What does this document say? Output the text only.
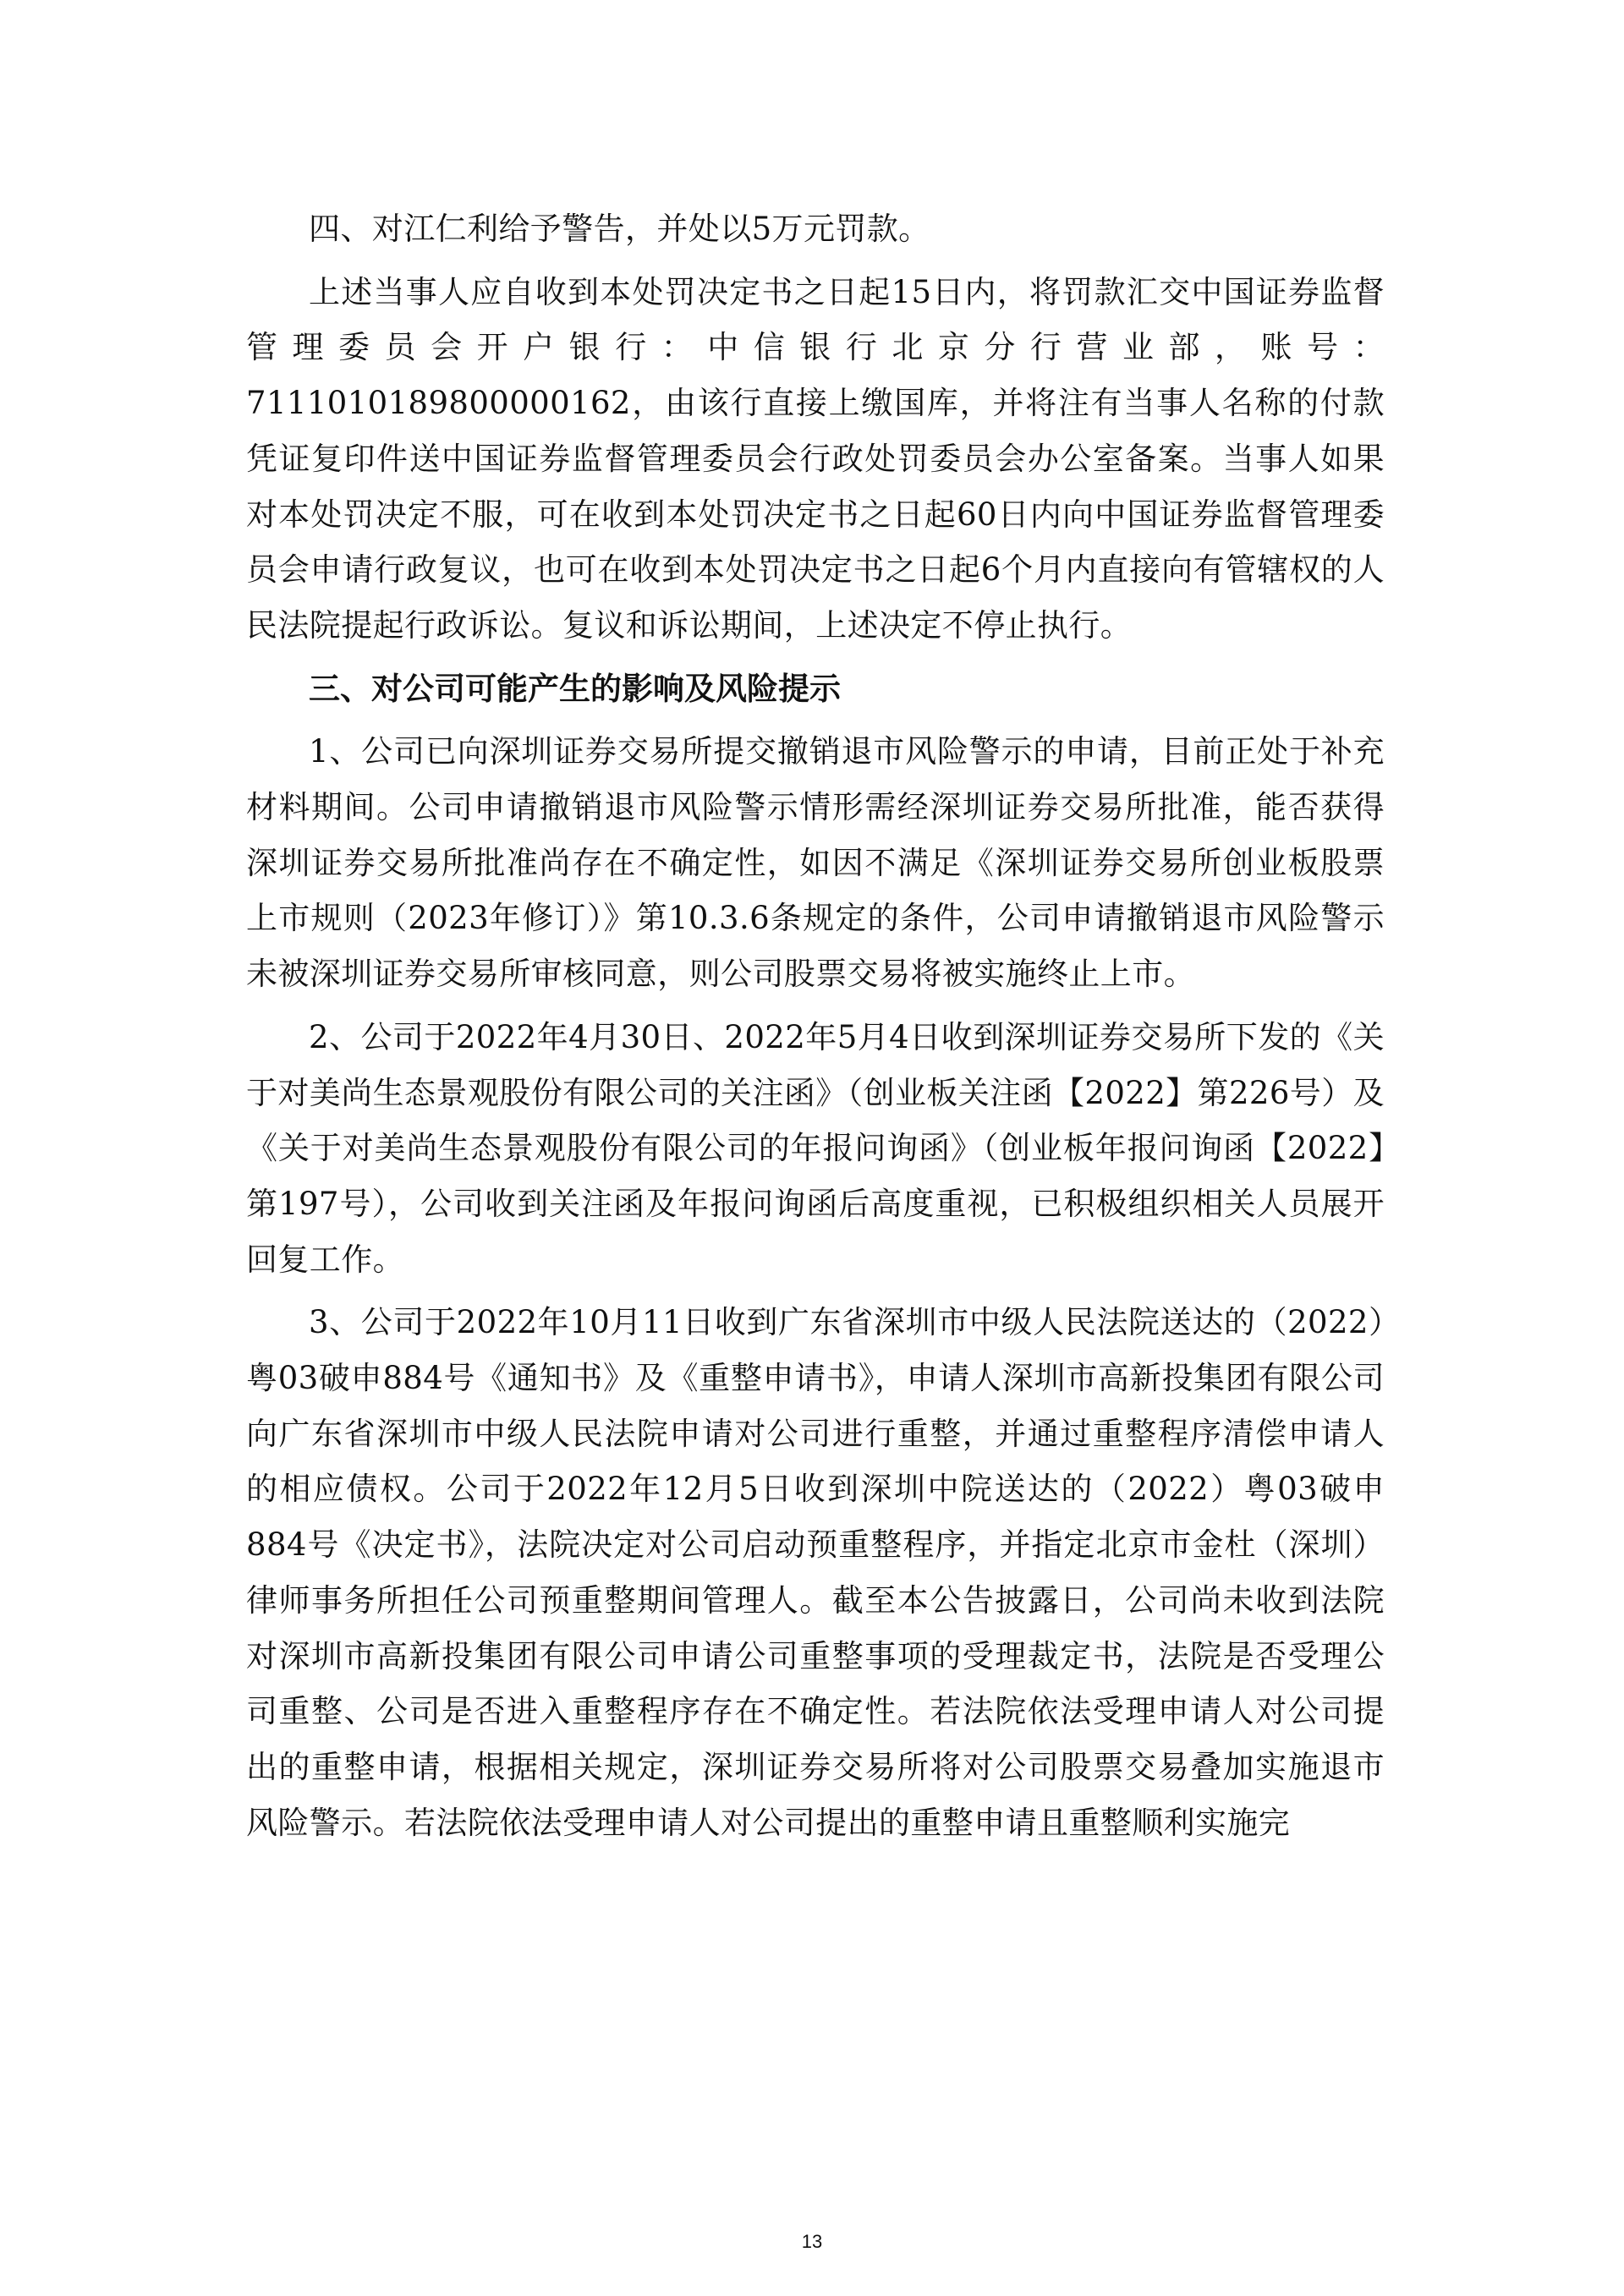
四、对江仁利给予警告，并处以5万元罚款。

上述当事人应自收到本处罚决定书之日起15日内，将罚款汇交中国证券监督管理委员会开户银行：中信银行北京分行营业部，账号：7111010189800000162，由该行直接上缴国库，并将注有当事人名称的付款凭证复印件送中国证券监督管理委员会行政处罚委员会办公室备案。当事人如果对本处罚决定不服，可在收到本处罚决定书之日起60日内向中国证券监督管理委员会申请行政复议，也可在收到本处罚决定书之日起6个月内直接向有管辖权的人民法院提起行政诉讼。复议和诉讼期间，上述决定不停止执行。

三、对公司可能产生的影响及风险提示

1、公司已向深圳证券交易所提交撤销退市风险警示的申请，目前正处于补充材料期间。公司申请撤销退市风险警示情形需经深圳证券交易所批准，能否获得深圳证券交易所批准尚存在不确定性，如因不满足《深圳证券交易所创业板股票上市规则（2023年修订）》第10.3.6条规定的条件，公司申请撤销退市风险警示未被深圳证券交易所审核同意，则公司股票交易将被实施终止上市。

2、公司于2022年4月30日、2022年5月4日收到深圳证券交易所下发的《关于对美尚生态景观股份有限公司的关注函》（创业板关注函【2022】第226号）及《关于对美尚生态景观股份有限公司的年报问询函》（创业板年报问询函【2022】第197号），公司收到关注函及年报问询函后高度重视，已积极组织相关人员展开回复工作。

3、公司于2022年10月11日收到广东省深圳市中级人民法院送达的（2022）粤03破申884号《通知书》及《重整申请书》，申请人深圳市高新投集团有限公司向广东省深圳市中级人民法院申请对公司进行重整，并通过重整程序清偿申请人的相应债权。公司于2022年12月5日收到深圳中院送达的（2022）粤03破申884号《决定书》，法院决定对公司启动预重整程序，并指定北京市金杜（深圳）律师事务所担任公司预重整期间管理人。截至本公告披露日，公司尚未收到法院对深圳市高新投集团有限公司申请公司重整事项的受理裁定书，法院是否受理公司重整、公司是否进入重整程序存在不确定性。若法院依法受理申请人对公司提出的重整申请，根据相关规定，深圳证券交易所将对公司股票交易叠加实施退市风险警示。若法院依法受理申请人对公司提出的重整申请且重整顺利实施完

13
